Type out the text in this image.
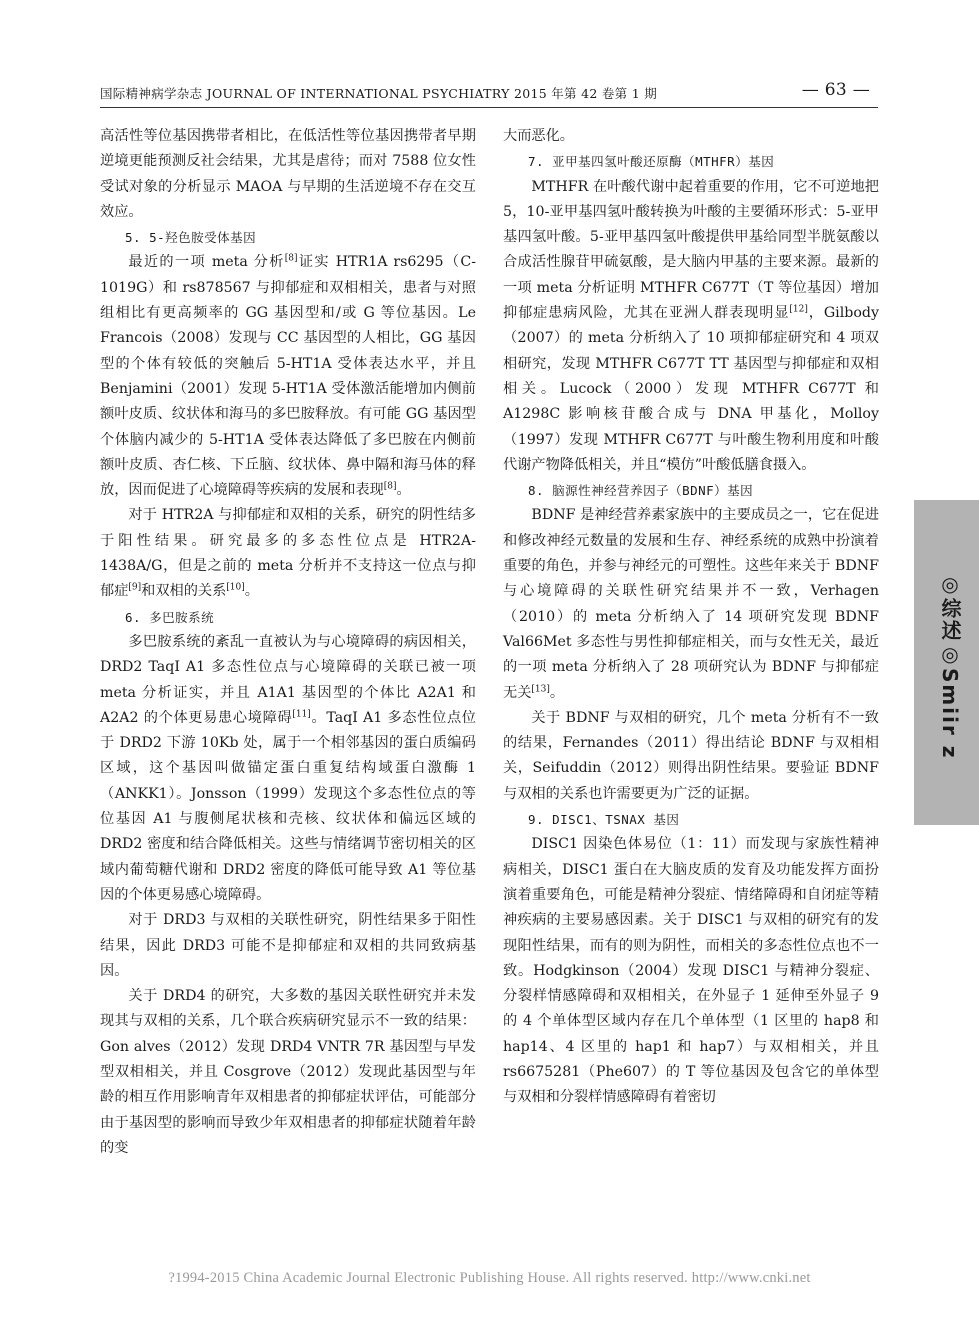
国际精神病学杂志 JOURNAL OF INTERNATIONAL PSYCHIATRY 2015 年第 42 卷第 1 期	— 63 —

高活性等位基因携带者相比，在低活性等位基因携带者早期逆境更能预测反社会结果，尤其是虐待；而对 7588 位女性受试对象的分析显示 MAOA 与早期的生活逆境不存在交互效应。

5. 5-羟色胺受体基因

最近的一项 meta 分析[8]证实 HTR1A rs6295（C-1019G）和 rs878567 与抑郁症和双相相关，患者与对照组相比有更高频率的 GG 基因型和/或 G 等位基因。Le Francois（2008）发现与 CC 基因型的人相比，GG 基因型的个体有较低的突触后 5-HT1A 受体表达水平，并且 Benjamini（2001）发现 5-HT1A 受体激活能增加内侧前额叶皮质、纹状体和海马的多巴胺释放。有可能 GG 基因型个体脑内减少的 5-HT1A 受体表达降低了多巴胺在内侧前额叶皮质、杏仁核、下丘脑、纹状体、鼻中隔和海马体的释放，因而促进了心境障碍等疾病的发展和表现[8]。

对于 HTR2A 与抑郁症和双相的关系，研究的阴性结多于阳性结果。研究最多的多态性位点是 HTR2A-1438A/G，但是之前的 meta 分析并不支持这一位点与抑郁症[9]和双相的关系[10]。

6. 多巴胺系统

多巴胺系统的紊乱一直被认为与心境障碍的病因相关，DRD2 TaqI A1 多态性位点与心境障碍的关联已被一项 meta 分析证实，并且 A1A1 基因型的个体比 A2A1 和 A2A2 的个体更易患心境障碍[11]。TaqI A1 多态性位点位于 DRD2 下游 10Kb 处，属于一个相邻基因的蛋白质编码区域，这个基因叫做锚定蛋白重复结构域蛋白激酶 1（ANKK1）。Jonsson（1999）发现这个多态性位点的等位基因 A1 与腹侧尾状核和壳核、纹状体和偏远区域的 DRD2 密度和结合降低相关。这些与情绪调节密切相关的区域内葡萄糖代谢和 DRD2 密度的降低可能导致 A1 等位基因的个体更易感心境障碍。

对于 DRD3 与双相的关联性研究，阴性结果多于阳性结果，因此 DRD3 可能不是抑郁症和双相的共同致病基因。

关于 DRD4 的研究，大多数的基因关联性研究并未发现其与双相的关系，几个联合疾病研究显示不一致的结果：Gon alves（2012）发现 DRD4 VNTR 7R 基因型与早发型双相相关，并且 Cosgrove（2012）发现此基因型与年龄的相互作用影响青年双相患者的抑郁症状评估，可能部分由于基因型的影响而导致少年双相患者的抑郁症状随着年龄的变

大而恶化。

7. 亚甲基四氢叶酸还原酶（MTHFR）基因

MTHFR 在叶酸代谢中起着重要的作用，它不可逆地把 5，10-亚甲基四氢叶酸转换为叶酸的主要循环形式：5-亚甲基四氢叶酸。5-亚甲基四氢叶酸提供甲基给同型半胱氨酸以合成活性腺苷甲硫氨酸，是大脑内甲基的主要来源。最新的一项 meta 分析证明 MTHFR C677T（T 等位基因）增加抑郁症患病风险，尤其在亚洲人群表现明显[12]，Gilbody（2007）的 meta 分析纳入了 10 项抑郁症研究和 4 项双相研究，发现 MTHFR C677T TT 基因型与抑郁症和双相相关。Lucock（2000）发现 MTHFR C677T 和 A1298C 影响核苷酸合成与 DNA 甲基化，Molloy（1997）发现 MTHFR C677T 与叶酸生物利用度和叶酸代谢产物降低相关，并且“模仿”叶酸低膳食摄入。

8. 脑源性神经营养因子（BDNF）基因

BDNF 是神经营养素家族中的主要成员之一，它在促进和修改神经元数量的发展和生存、神经系统的成熟中扮演着重要的角色，并参与神经元的可塑性。这些年来关于 BDNF 与心境障碍的关联性研究结果并不一致，Verhagen（2010）的 meta 分析纳入了 14 项研究发现 BDNF Val66Met 多态性与男性抑郁症相关，而与女性无关，最近的一项 meta 分析纳入了 28 项研究认为 BDNF 与抑郁症无关[13]。

关于 BDNF 与双相的研究，几个 meta 分析有不一致的结果，Fernandes（2011）得出结论 BDNF 与双相相关，Seifuddin（2012）则得出阴性结果。要验证 BDNF 与双相的关系也许需要更为广泛的证据。

9. DISC1、TSNAX 基因

DISC1 因染色体易位（1：11）而发现与家族性精神病相关，DISC1 蛋白在大脑皮质的发育及功能发挥方面扮演着重要角色，可能是精神分裂症、情绪障碍和自闭症等精神疾病的主要易感因素。关于 DISC1 与双相的研究有的发现阳性结果，而有的则为阴性，而相关的多态性位点也不一致。Hodgkinson（2004）发现 DISC1 与精神分裂症、分裂样情感障碍和双相相关，在外显子 1 延伸至外显子 9 的 4 个单体型区域内存在几个单体型（1 区里的 hap8 和 hap14、4 区里的 hap1 和 hap7）与双相相关，并且 rs6675281（Phe607）的 T 等位基因及包含它的单体型与双相和分裂样情感障碍有着密切

◎综述◎Smiir z
?1994-2015 China Academic Journal Electronic Publishing House. All rights reserved. http://www.cnki.net
